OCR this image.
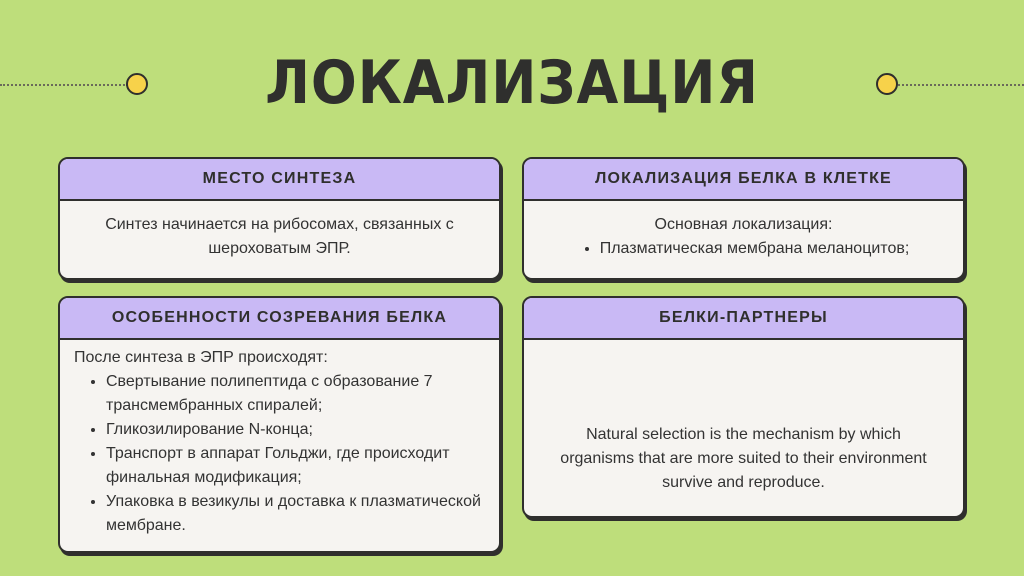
ЛОКАЛИЗАЦИЯ
МЕСТО СИНТЕЗА
Синтез начинается на рибосомах, связанных с шероховатым ЭПР.
ЛОКАЛИЗАЦИЯ БЕЛКА В КЛЕТКЕ
Основная локализация:
• Плазматическая мембрана меланоцитов;
ОСОБЕННОСТИ СОЗРЕВАНИЯ БЕЛКА
После синтеза в ЭПР происходят:
• Свертывание полипептида с образование 7 трансмембранных спиралей;
• Гликозилирование N-конца;
• Транспорт в аппарат Гольджи, где происходит финальная модификация;
• Упаковка в везикулы и доставка к плазматической мембране.
БЕЛКИ-ПАРТНЕРЫ
Natural selection is the mechanism by which organisms that are more suited to their environment survive and reproduce.
